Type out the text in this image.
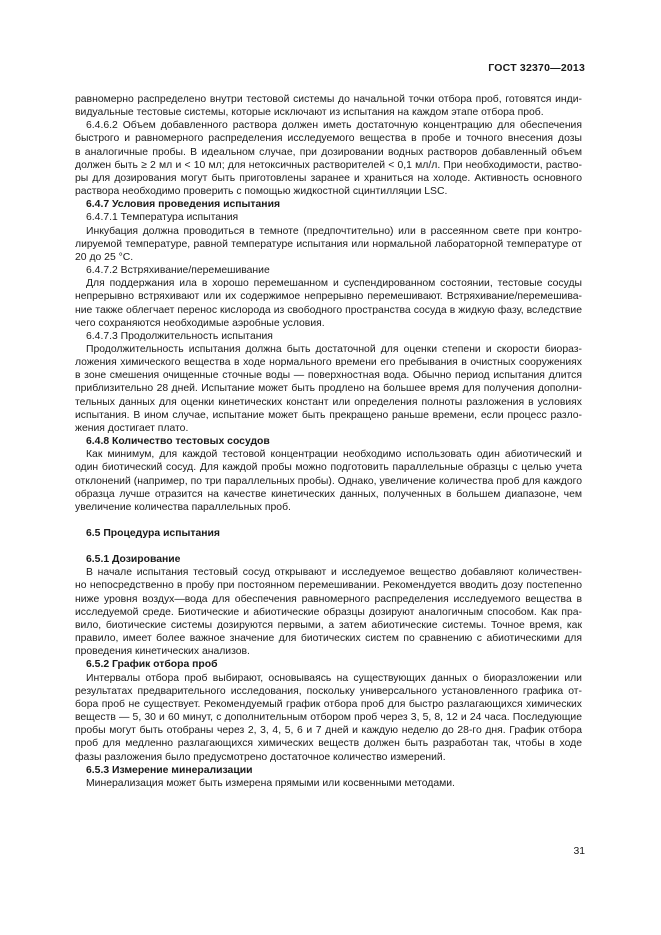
ГОСТ 32370—2013
равномерно распределено внутри тестовой системы до начальной точки отбора проб, готовятся инди-
видуальные тестовые системы, которые исключают из испытания на каждом этапе отбора проб.
6.4.6.2 Объем добавленного раствора должен иметь достаточную концентрацию для обеспечения
быстрого и равномерного распределения исследуемого вещества в пробе и точного внесения дозы
в аналогичные пробы. В идеальном случае, при дозировании водных растворов добавленный объем
должен быть ≥ 2 мл и < 10 мл; для нетоксичных растворителей < 0,1 мл/л. При необходимости, раство-
ры для дозирования могут быть приготовлены заранее и храниться на холоде. Активность основного
раствора необходимо проверить с помощью жидкостной сцинтилляции LSC.
6.4.7 Условия проведения испытания
6.4.7.1 Температура испытания
Инкубация должна проводиться в темноте (предпочтительно) или в рассеянном свете при контро-
лируемой температуре, равной температуре испытания или нормальной лабораторной температуре от
20 до 25 °С.
6.4.7.2 Встряхивание/перемешивание
Для поддержания ила в хорошо перемешанном и суспендированном состоянии, тестовые сосуды
непрерывно встряхивают или их содержимое непрерывно перемешивают. Встряхивание/перемешива-
ние также облегчает перенос кислорода из свободного пространства сосуда в жидкую фазу, вследствие
чего сохраняются необходимые аэробные условия.
6.4.7.3 Продолжительность испытания
Продолжительность испытания должна быть достаточной для оценки степени и скорости биораз-
ложения химического вещества в ходе нормального времени его пребывания в очистных сооружениях
в зоне смешения очищенные сточные воды — поверхностная вода. Обычно период испытания длится
приблизительно 28 дней. Испытание может быть продлено на большее время для получения дополни-
тельных данных для оценки кинетических констант или определения полноты разложения в условиях
испытания. В ином случае, испытание может быть прекращено раньше времени, если процесс разло-
жения достигает плато.
6.4.8 Количество тестовых сосудов
Как минимум, для каждой тестовой концентрации необходимо использовать один абиотический и
один биотический сосуд. Для каждой пробы можно подготовить параллельные образцы с целью учета
отклонений (например, по три параллельных пробы). Однако, увеличение количества проб для каждого
образца лучше отразится на качестве кинетических данных, полученных в большем диапазоне, чем
увеличение количества параллельных проб.
6.5 Процедура испытания
6.5.1 Дозирование
В начале испытания тестовый сосуд открывают и исследуемое вещество добавляют количествен-
но непосредственно в пробу при постоянном перемешивании. Рекомендуется вводить дозу постепенно
ниже уровня воздух—вода для обеспечения равномерного распределения исследуемого вещества в
исследуемой среде. Биотические и абиотические образцы дозируют аналогичным способом. Как пра-
вило, биотические системы дозируются первыми, а затем абиотические системы. Точное время, как
правило, имеет более важное значение для биотических систем по сравнению с абиотическими для
проведения кинетических анализов.
6.5.2 График отбора проб
Интервалы отбора проб выбирают, основываясь на существующих данных о биоразложении или
результатах предварительного исследования, поскольку универсального установленного графика от-
бора проб не существует. Рекомендуемый график отбора проб для быстро разлагающихся химических
веществ — 5, 30 и 60 минут, с дополнительным отбором проб через 3, 5, 8, 12 и 24 часа. Последующие
пробы могут быть отобраны через 2, 3, 4, 5, 6 и 7 дней и каждую неделю до 28-го дня. График отбора
проб для медленно разлагающихся химических веществ должен быть разработан так, чтобы в ходе
фазы разложения было предусмотрено достаточное количество измерений.
6.5.3 Измерение минерализации
Минерализация может быть измерена прямыми или косвенными методами.
31
